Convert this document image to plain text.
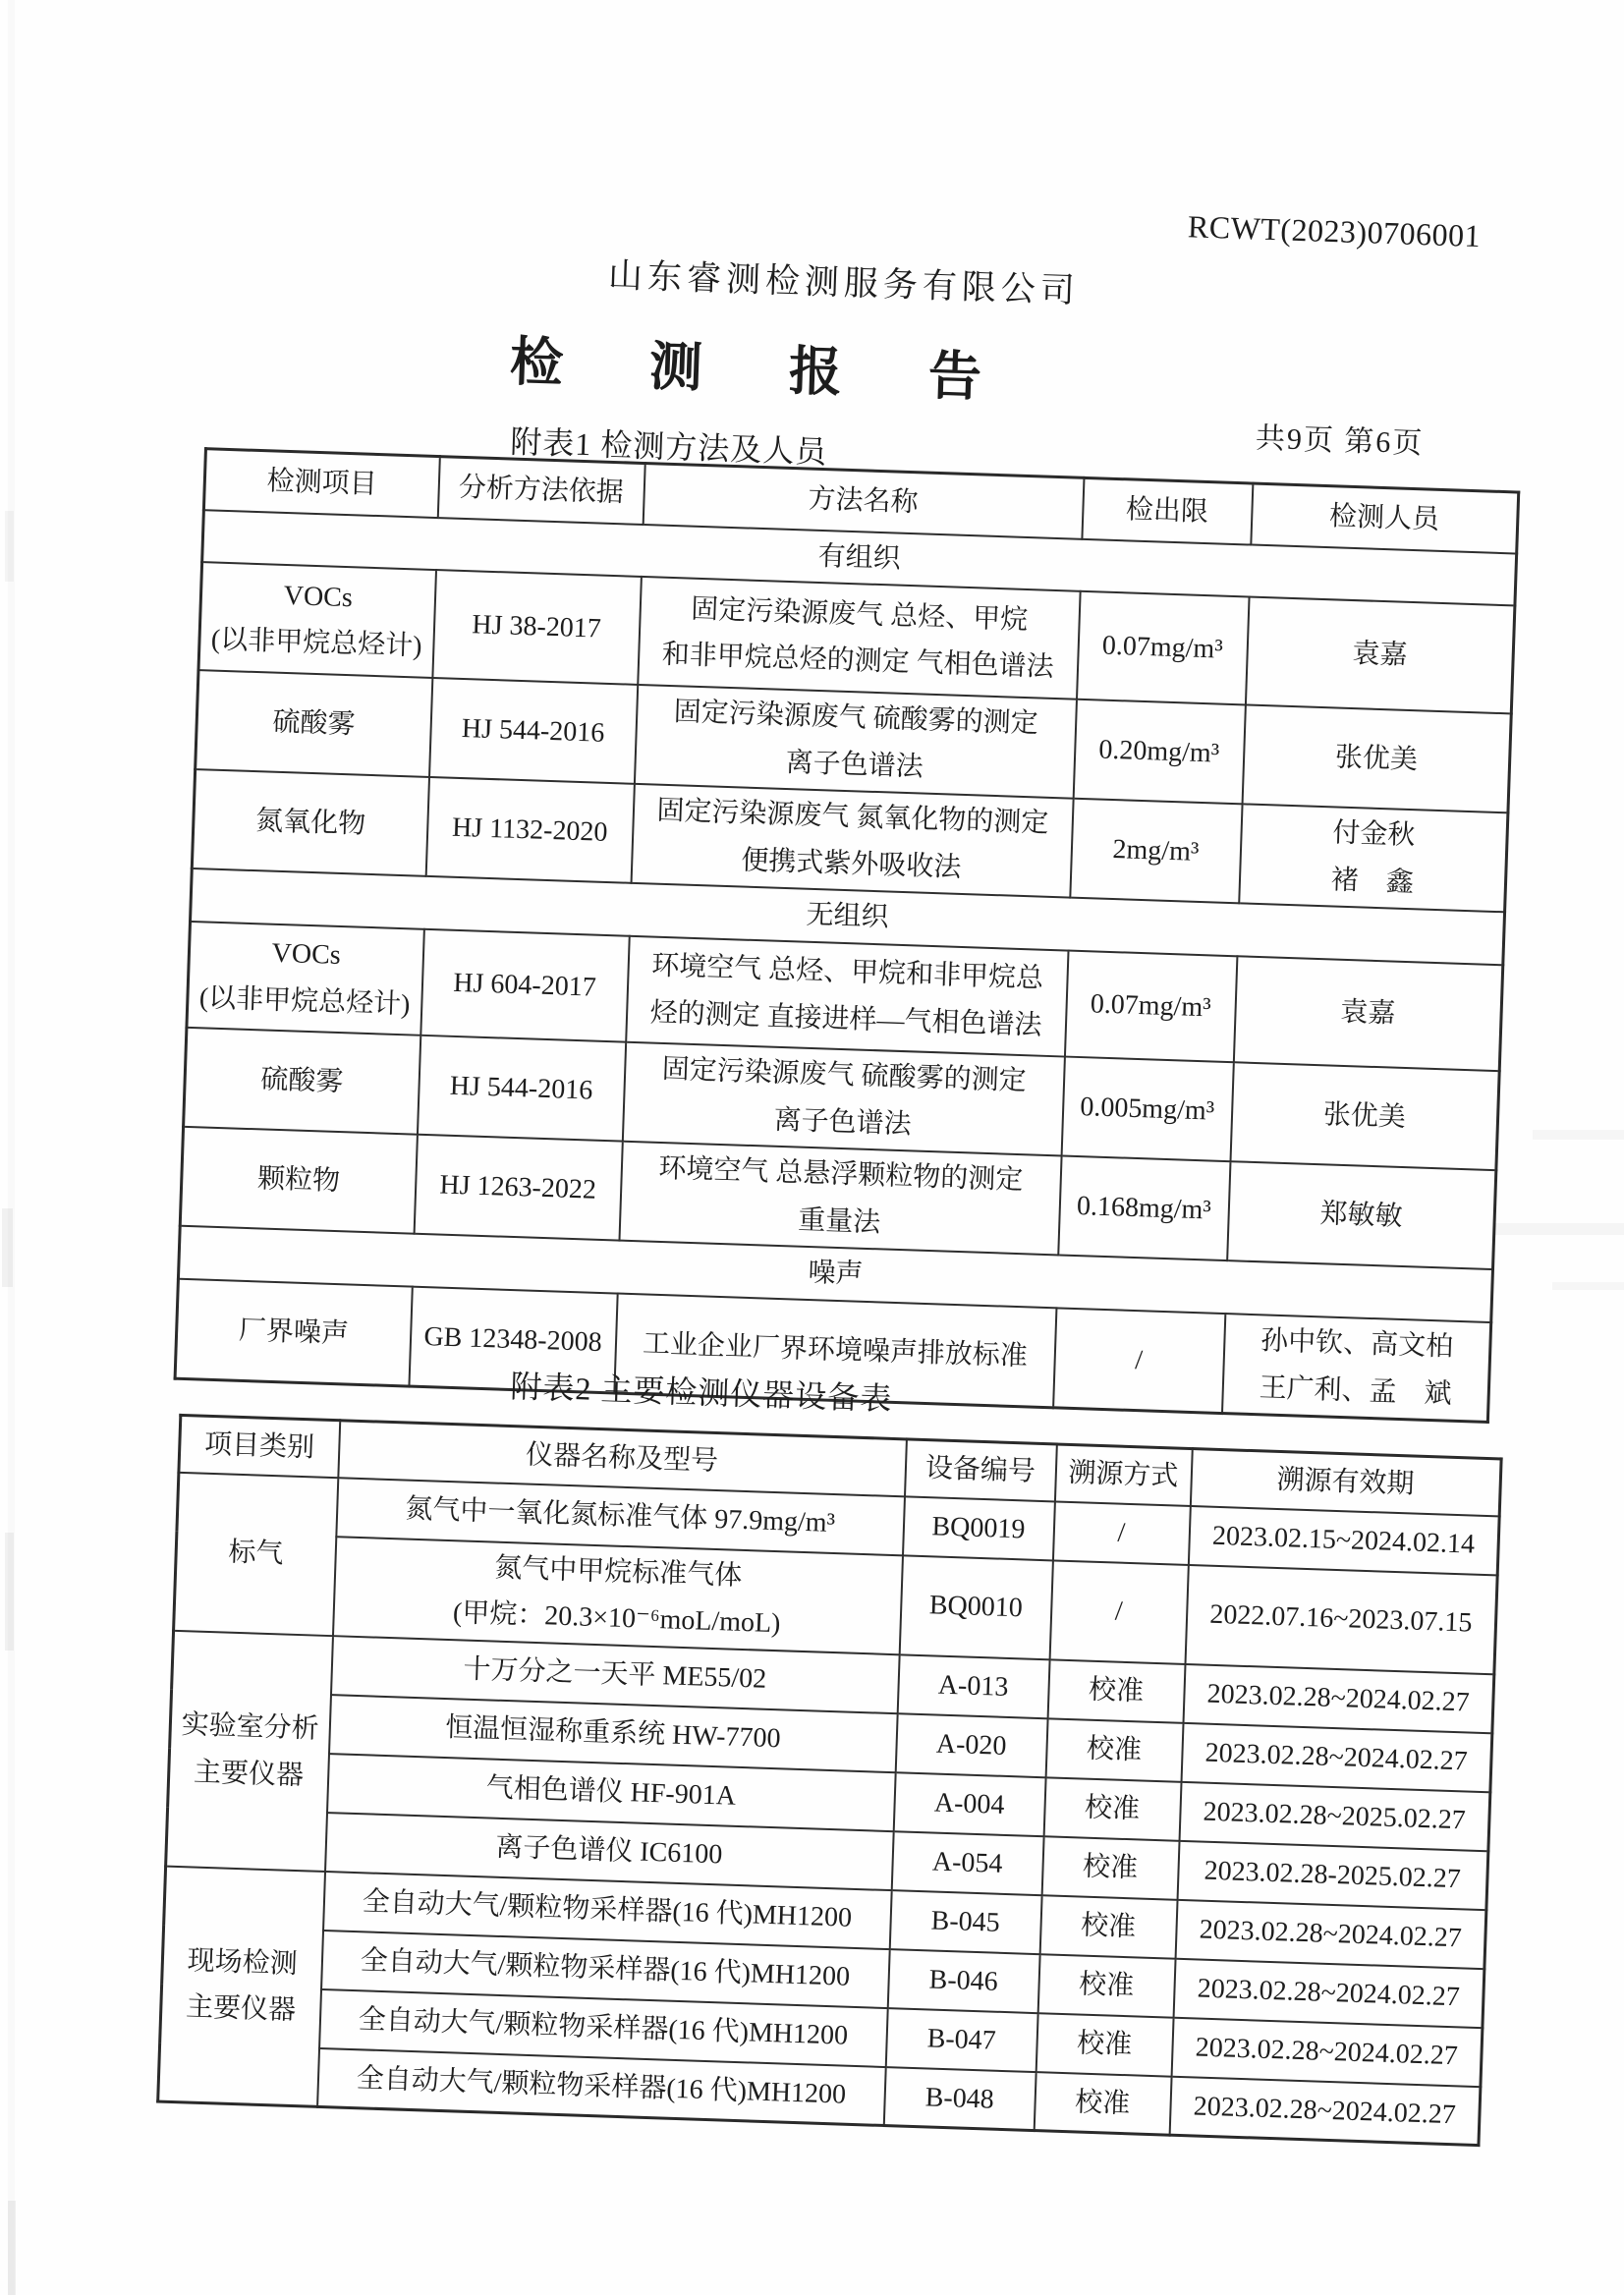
RCWT(2023)0706001
山东睿测检测服务有限公司
检测报告
附表1 检测方法及人员	共9页 第6页
检测项目	分析方法依据	方法名称	检出限	检测人员
有组织				
VOCs
(以非甲烷总烃计)	HJ 38-2017	固定污染源废气 总烃、甲烷
和非甲烷总烃的测定 气相色谱法	0.07mg/m³	袁嘉
硫酸雾	HJ 544-2016	固定污染源废气 硫酸雾的测定
离子色谱法	0.20mg/m³	张优美
氮氧化物	HJ 1132-2020	固定污染源废气 氮氧化物的测定
便携式紫外吸收法	2mg/m³	付金秋
褚　鑫
无组织				
VOCs
(以非甲烷总烃计)	HJ 604-2017	环境空气 总烃、甲烷和非甲烷总
烃的测定 直接进样—气相色谱法	0.07mg/m³	袁嘉
硫酸雾	HJ 544-2016	固定污染源废气 硫酸雾的测定
离子色谱法	0.005mg/m³	张优美
颗粒物	HJ 1263-2022	环境空气 总悬浮颗粒物的测定
重量法	0.168mg/m³	郑敏敏
噪声				
厂界噪声	GB 12348-2008	工业企业厂界环境噪声排放标准	/	孙中钦、高文柏
王广利、孟　斌
附表2 主要检测仪器设备表
项目类别	仪器名称及型号	设备编号	溯源方式	溯源有效期
标气	氮气中一氧化氮标准气体 97.9mg/m³	BQ0019	/	2023.02.15~2024.02.14
	氮气中甲烷标准气体
(甲烷：20.3×10⁻⁶moL/moL)	BQ0010	/	2022.07.16~2023.07.15
实验室分析
主要仪器	十万分之一天平 ME55/02	A-013	校准	2023.02.28~2024.02.27
	恒温恒湿称重系统 HW-7700	A-020	校准	2023.02.28~2024.02.27
	气相色谱仪 HF-901A	A-004	校准	2023.02.28~2025.02.27
	离子色谱仪 IC6100	A-054	校准	2023.02.28-2025.02.27
现场检测
主要仪器	全自动大气/颗粒物采样器(16 代)MH1200	B-045	校准	2023.02.28~2024.02.27
	全自动大气/颗粒物采样器(16 代)MH1200	B-046	校准	2023.02.28~2024.02.27
	全自动大气/颗粒物采样器(16 代)MH1200	B-047	校准	2023.02.28~2024.02.27
	全自动大气/颗粒物采样器(16 代)MH1200	B-048	校准	2023.02.28~2024.02.27
